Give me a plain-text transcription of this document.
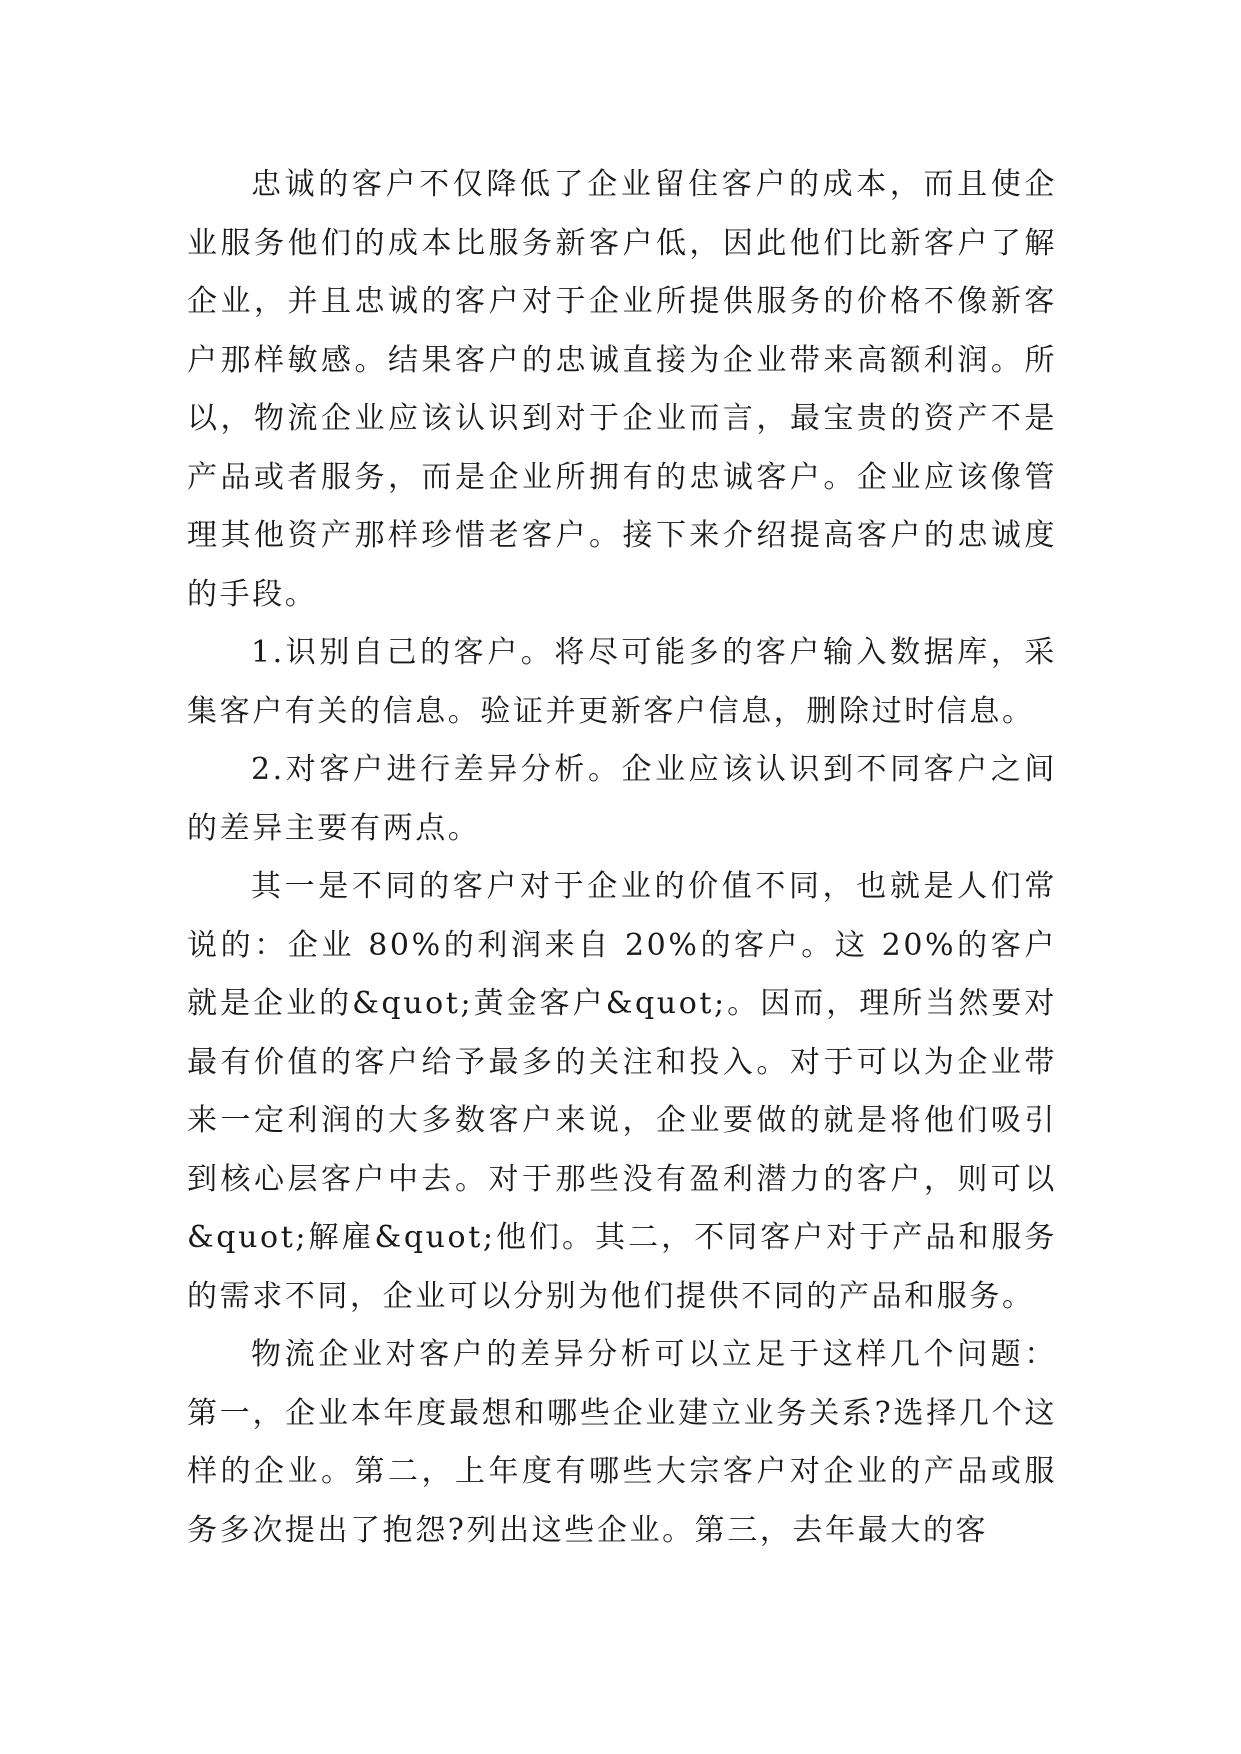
忠诚的客户不仅降低了企业留住客户的成本，而且使企业服务他们的成本比服务新客户低，因此他们比新客户了解企业，并且忠诚的客户对于企业所提供服务的价格不像新客户那样敏感。结果客户的忠诚直接为企业带来高额利润。所以，物流企业应该认识到对于企业而言，最宝贵的资产不是产品或者服务，而是企业所拥有的忠诚客户。企业应该像管理其他资产那样珍惜老客户。接下来介绍提高客户的忠诚度的手段。

1.识别自己的客户。将尽可能多的客户输入数据库，采集客户有关的信息。验证并更新客户信息，删除过时信息。

2.对客户进行差异分析。企业应该认识到不同客户之间的差异主要有两点。

其一是不同的客户对于企业的价值不同，也就是人们常说的：企业 80%的利润来自 20%的客户。这 20%的客户就是企业的&quot;黄金客户&quot;。因而，理所当然要对最有价值的客户给予最多的关注和投入。对于可以为企业带来一定利润的大多数客户来说，企业要做的就是将他们吸引到核心层客户中去。对于那些没有盈利潜力的客户，则可以&quot;解雇&quot;他们。其二，不同客户对于产品和服务的需求不同，企业可以分别为他们提供不同的产品和服务。

物流企业对客户的差异分析可以立足于这样几个问题：第一，企业本年度最想和哪些企业建立业务关系?选择几个这样的企业。第二，上年度有哪些大宗客户对企业的产品或服务多次提出了抱怨?列出这些企业。第三，去年最大的客
